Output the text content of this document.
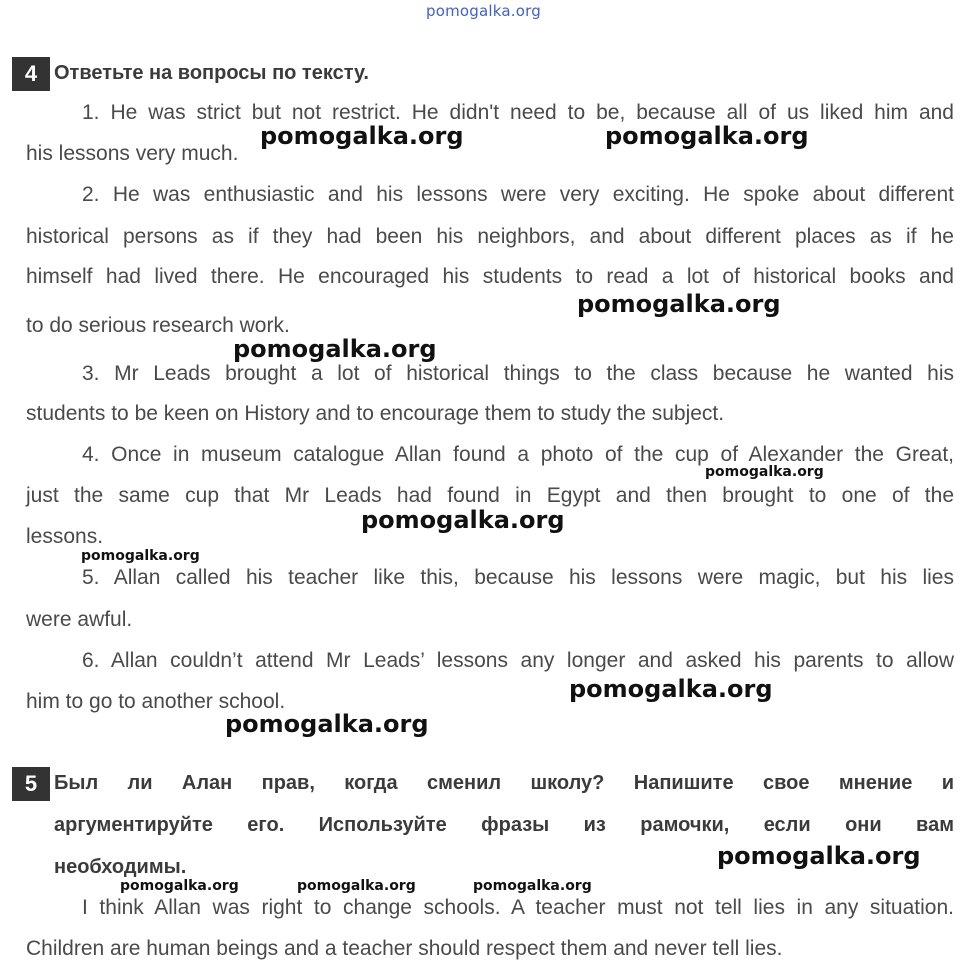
pomogalka.org
4 Ответьте на вопросы по тексту.
1. He was strict but not restrict. He didn't need to be, because all of us liked him and
his lessons very much.
2. He was enthusiastic and his lessons were very exciting. He spoke about different
historical persons as if they had been his neighbors, and about different places as if he
himself had lived there. He encouraged his students to read a lot of historical books and
to do serious research work.
3. Mr Leads brought a lot of historical things to the class because he wanted his
students to be keen on History and to encourage them to study the subject.
4. Once in museum catalogue Allan found a photo of the cup of Alexander the Great,
just the same cup that Mr Leads had found in Egypt and then brought to one of the
lessons.
5. Allan called his teacher like this, because his lessons were magic, but his lies
were awful.
6. Allan couldn’t attend Mr Leads’ lessons any longer and asked his parents to allow
him to go to another school.
5 Был ли Алан прав, когда сменил школу? Напишите свое мнение и
аргументируйте его. Используйте фразы из рамочки, если они вам
необходимы.
I think Allan was right to change schools. A teacher must not tell lies in any situation.
Children are human beings and a teacher should respect them and never tell lies.
pomogalka.org	pomogalka.org
pomogalka.org
pomogalka.org
pomogalka.org
pomogalka.org
pomogalka.org
pomogalka.org
pomogalka.org
pomogalka.org
pomogalka.org	pomogalka.org	pomogalka.org
